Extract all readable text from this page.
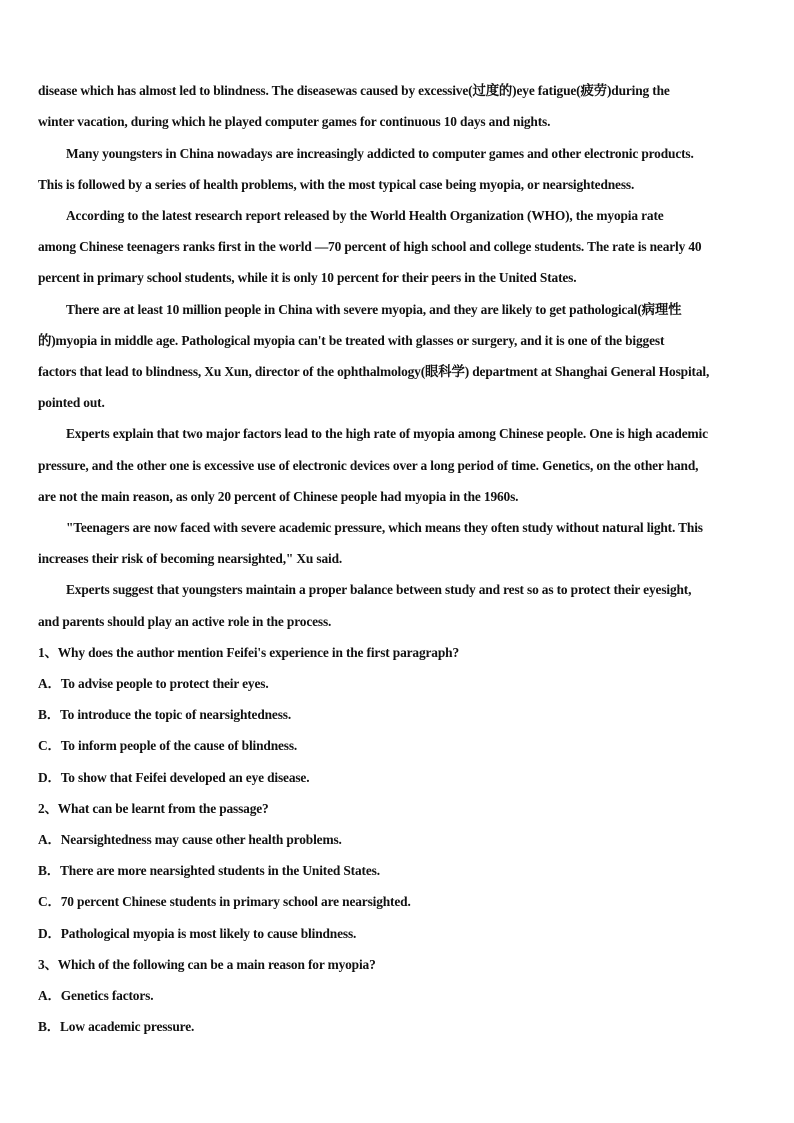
disease which has almost led to blindness. The diseasewas caused by excessive(过度的)eye fatigue(疲劳)during the
winter vacation, during which he played computer games for continuous 10 days and nights.
Many youngsters in China nowadays are increasingly addicted to computer games and other electronic products.
This is followed by a series of health problems, with the most typical case being myopia, or nearsightedness.
According to the latest research report released by the World Health Organization (WHO), the myopia rate
among Chinese teenagers ranks first in the world —70 percent of high school and college students. The rate is nearly 40
percent in primary school students, while it is only 10 percent for their peers in the United States.
There are at least 10 million people in China with severe myopia, and they are likely to get pathological(病理性
的)myopia in middle age. Pathological myopia can't be treated with glasses or surgery, and it is one of the biggest
factors that lead to blindness, Xu Xun, director of the ophthalmology(眼科学) department at Shanghai General Hospital,
pointed out.
Experts explain that two major factors lead to the high rate of myopia among Chinese people. One is high academic
pressure, and the other one is excessive use of electronic devices over a long period of time. Genetics, on the other hand,
are not the main reason, as only 20 percent of Chinese people had myopia in the 1960s.
"Teenagers are now faced with severe academic pressure, which means they often study without natural light. This
increases their risk of becoming nearsighted," Xu said.
Experts suggest that youngsters maintain a proper balance between study and rest so as to protect their eyesight,
and parents should play an active role in the process.
1、Why does the author mention Feifei's experience in the first paragraph?
A．To advise people to protect their eyes.
B．To introduce the topic of nearsightedness.
C．To inform people of the cause of blindness.
D．To show that Feifei developed an eye disease.
2、What can be learnt from the passage?
A．Nearsightedness may cause other health problems.
B．There are more nearsighted students in the United States.
C．70 percent Chinese students in primary school are nearsighted.
D．Pathological myopia is most likely to cause blindness.
3、Which of the following can be a main reason for myopia?
A．Genetics factors.
B．Low academic pressure.
